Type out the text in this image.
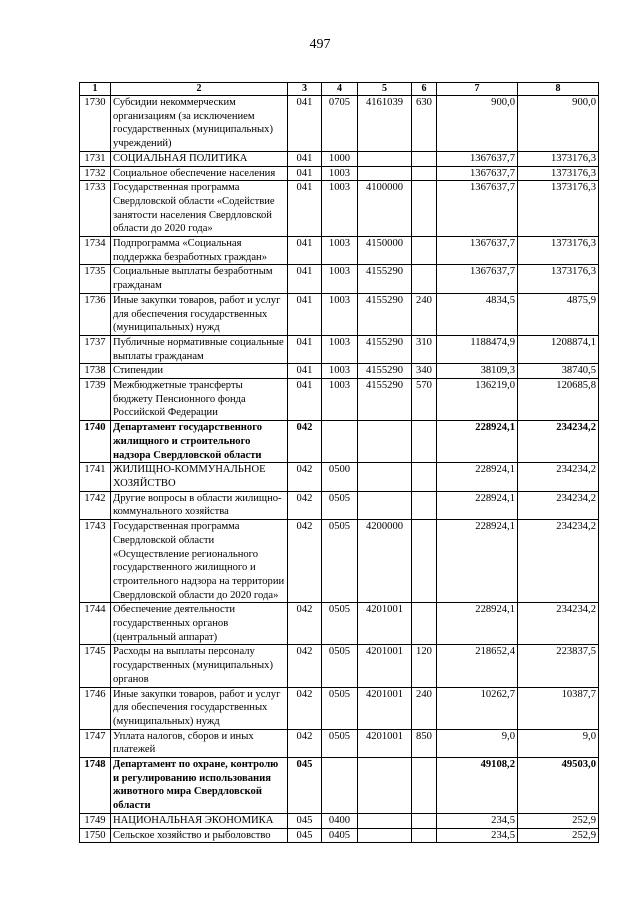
497
1	2	3	4	5	6	7	8
1730	Субсидии некоммерческим организациям (за исключением государственных (муниципальных) учреждений)	041	0705	4161039	630	900,0	900,0
1731	СОЦИАЛЬНАЯ ПОЛИТИКА	041	1000			1367637,7	1373176,3
1732	Социальное обеспечение населения	041	1003			1367637,7	1373176,3
1733	Государственная программа Свердловской области «Содействие занятости населения Свердловской области до 2020 года»	041	1003	4100000		1367637,7	1373176,3
1734	Подпрограмма «Социальная поддержка безработных граждан»	041	1003	4150000		1367637,7	1373176,3
1735	Социальные выплаты безработным гражданам	041	1003	4155290		1367637,7	1373176,3
1736	Иные закупки товаров, работ и услуг для обеспечения государственных (муниципальных) нужд	041	1003	4155290	240	4834,5	4875,9
1737	Публичные нормативные социальные выплаты гражданам	041	1003	4155290	310	1188474,9	1208874,1
1738	Стипендии	041	1003	4155290	340	38109,3	38740,5
1739	Межбюджетные трансферты бюджету Пенсионного фонда Российской Федерации	041	1003	4155290	570	136219,0	120685,8
1740	Департамент государственного жилищного и строительного надзора Свердловской области	042				228924,1	234234,2
1741	ЖИЛИЩНО-КОММУНАЛЬНОЕ ХОЗЯЙСТВО	042	0500			228924,1	234234,2
1742	Другие вопросы в области жилищно-коммунального хозяйства	042	0505			228924,1	234234,2
1743	Государственная программа Свердловской области «Осуществление регионального государственного жилищного и строительного надзора на территории Свердловской области до 2020 года»	042	0505	4200000		228924,1	234234,2
1744	Обеспечение деятельности государственных органов (центральный аппарат)	042	0505	4201001		228924,1	234234,2
1745	Расходы на выплаты персоналу государственных (муниципальных) органов	042	0505	4201001	120	218652,4	223837,5
1746	Иные закупки товаров, работ и услуг для обеспечения государственных (муниципальных) нужд	042	0505	4201001	240	10262,7	10387,7
1747	Уплата налогов, сборов и иных платежей	042	0505	4201001	850	9,0	9,0
1748	Департамент по охране, контролю и регулированию использования животного мира Свердловской области	045				49108,2	49503,0
1749	НАЦИОНАЛЬНАЯ ЭКОНОМИКА	045	0400			234,5	252,9
1750	Сельское хозяйство и рыболовство	045	0405			234,5	252,9
